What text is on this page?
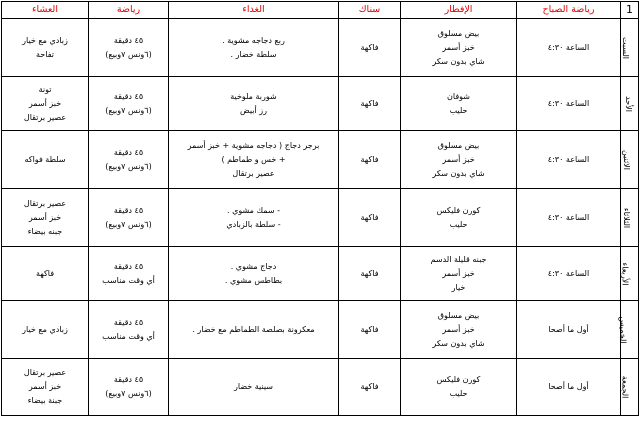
1	رياضة الصباح	الإفطار	سناك	الغداء	رياضة	العشاء
السبت	الساعة ٤:٣٠	بيض مسلوق
خبز أسمر
شاي بدون سكر	فاكهة	ربع دجاجه مشوية .
سلطة خضار .	٤٥ دقيقة
(٦ونس ٧وبيع)	زبادي مع خيار
تفاحة

الأحد	الساعة ٤:٣٠	شوفان
حليب	فاكهة	شوربة ملوخية
رز أبيض	٤٥ دقيقة
(٦ونس ٧وبيع)	تونة
خبز أسمر
عصير برتقال

الاثنين	الساعة ٤:٣٠	بيض مسلوق
خبز أسمر
شاي بدون سكر	فاكهة	برجر دجاج ( دجاجه مشوية + خبز أسمر
+ خس و طماطم )
عصير برتقال	٤٥ دقيقة
(٦ونس ٧وبيع)	سلطة فواكه

الثلاثاء	الساعة ٤:٣٠	كورن فليكس
حليب	فاكهة	- سمك مشوي .
- سلطة بالزبادي	٤٥ دقيقة
(٦ونس ٧وبيع)	عصير برتقال
خبز أسمر
جبنه بيضاء

الأربعاء	الساعة ٤:٣٠	جبنه قليلة الدسم
خبز أسمر
خيار	فاكهة	دجاج مشوي .
بطاطس مشوي .	٤٥ دقيقة
أي وقت مناسب	فاكهة

الخميس	أول ما أصحا	بيض مسلوق
خبز أسمر
شاي بدون سكر	فاكهة	معكرونة بصلصة الطماطم مع خضار .	٤٥ دقيقة
أي وقت مناسب	زبادي مع خيار

الجمعة	أول ما أصحا	كورن فليكس
حليب	فاكهة	سينية خضار	٤٥ دقيقة
(٦ونس ٧وبيع)	عصير برتقال
خبز أسمر
جبنة بيضاء
